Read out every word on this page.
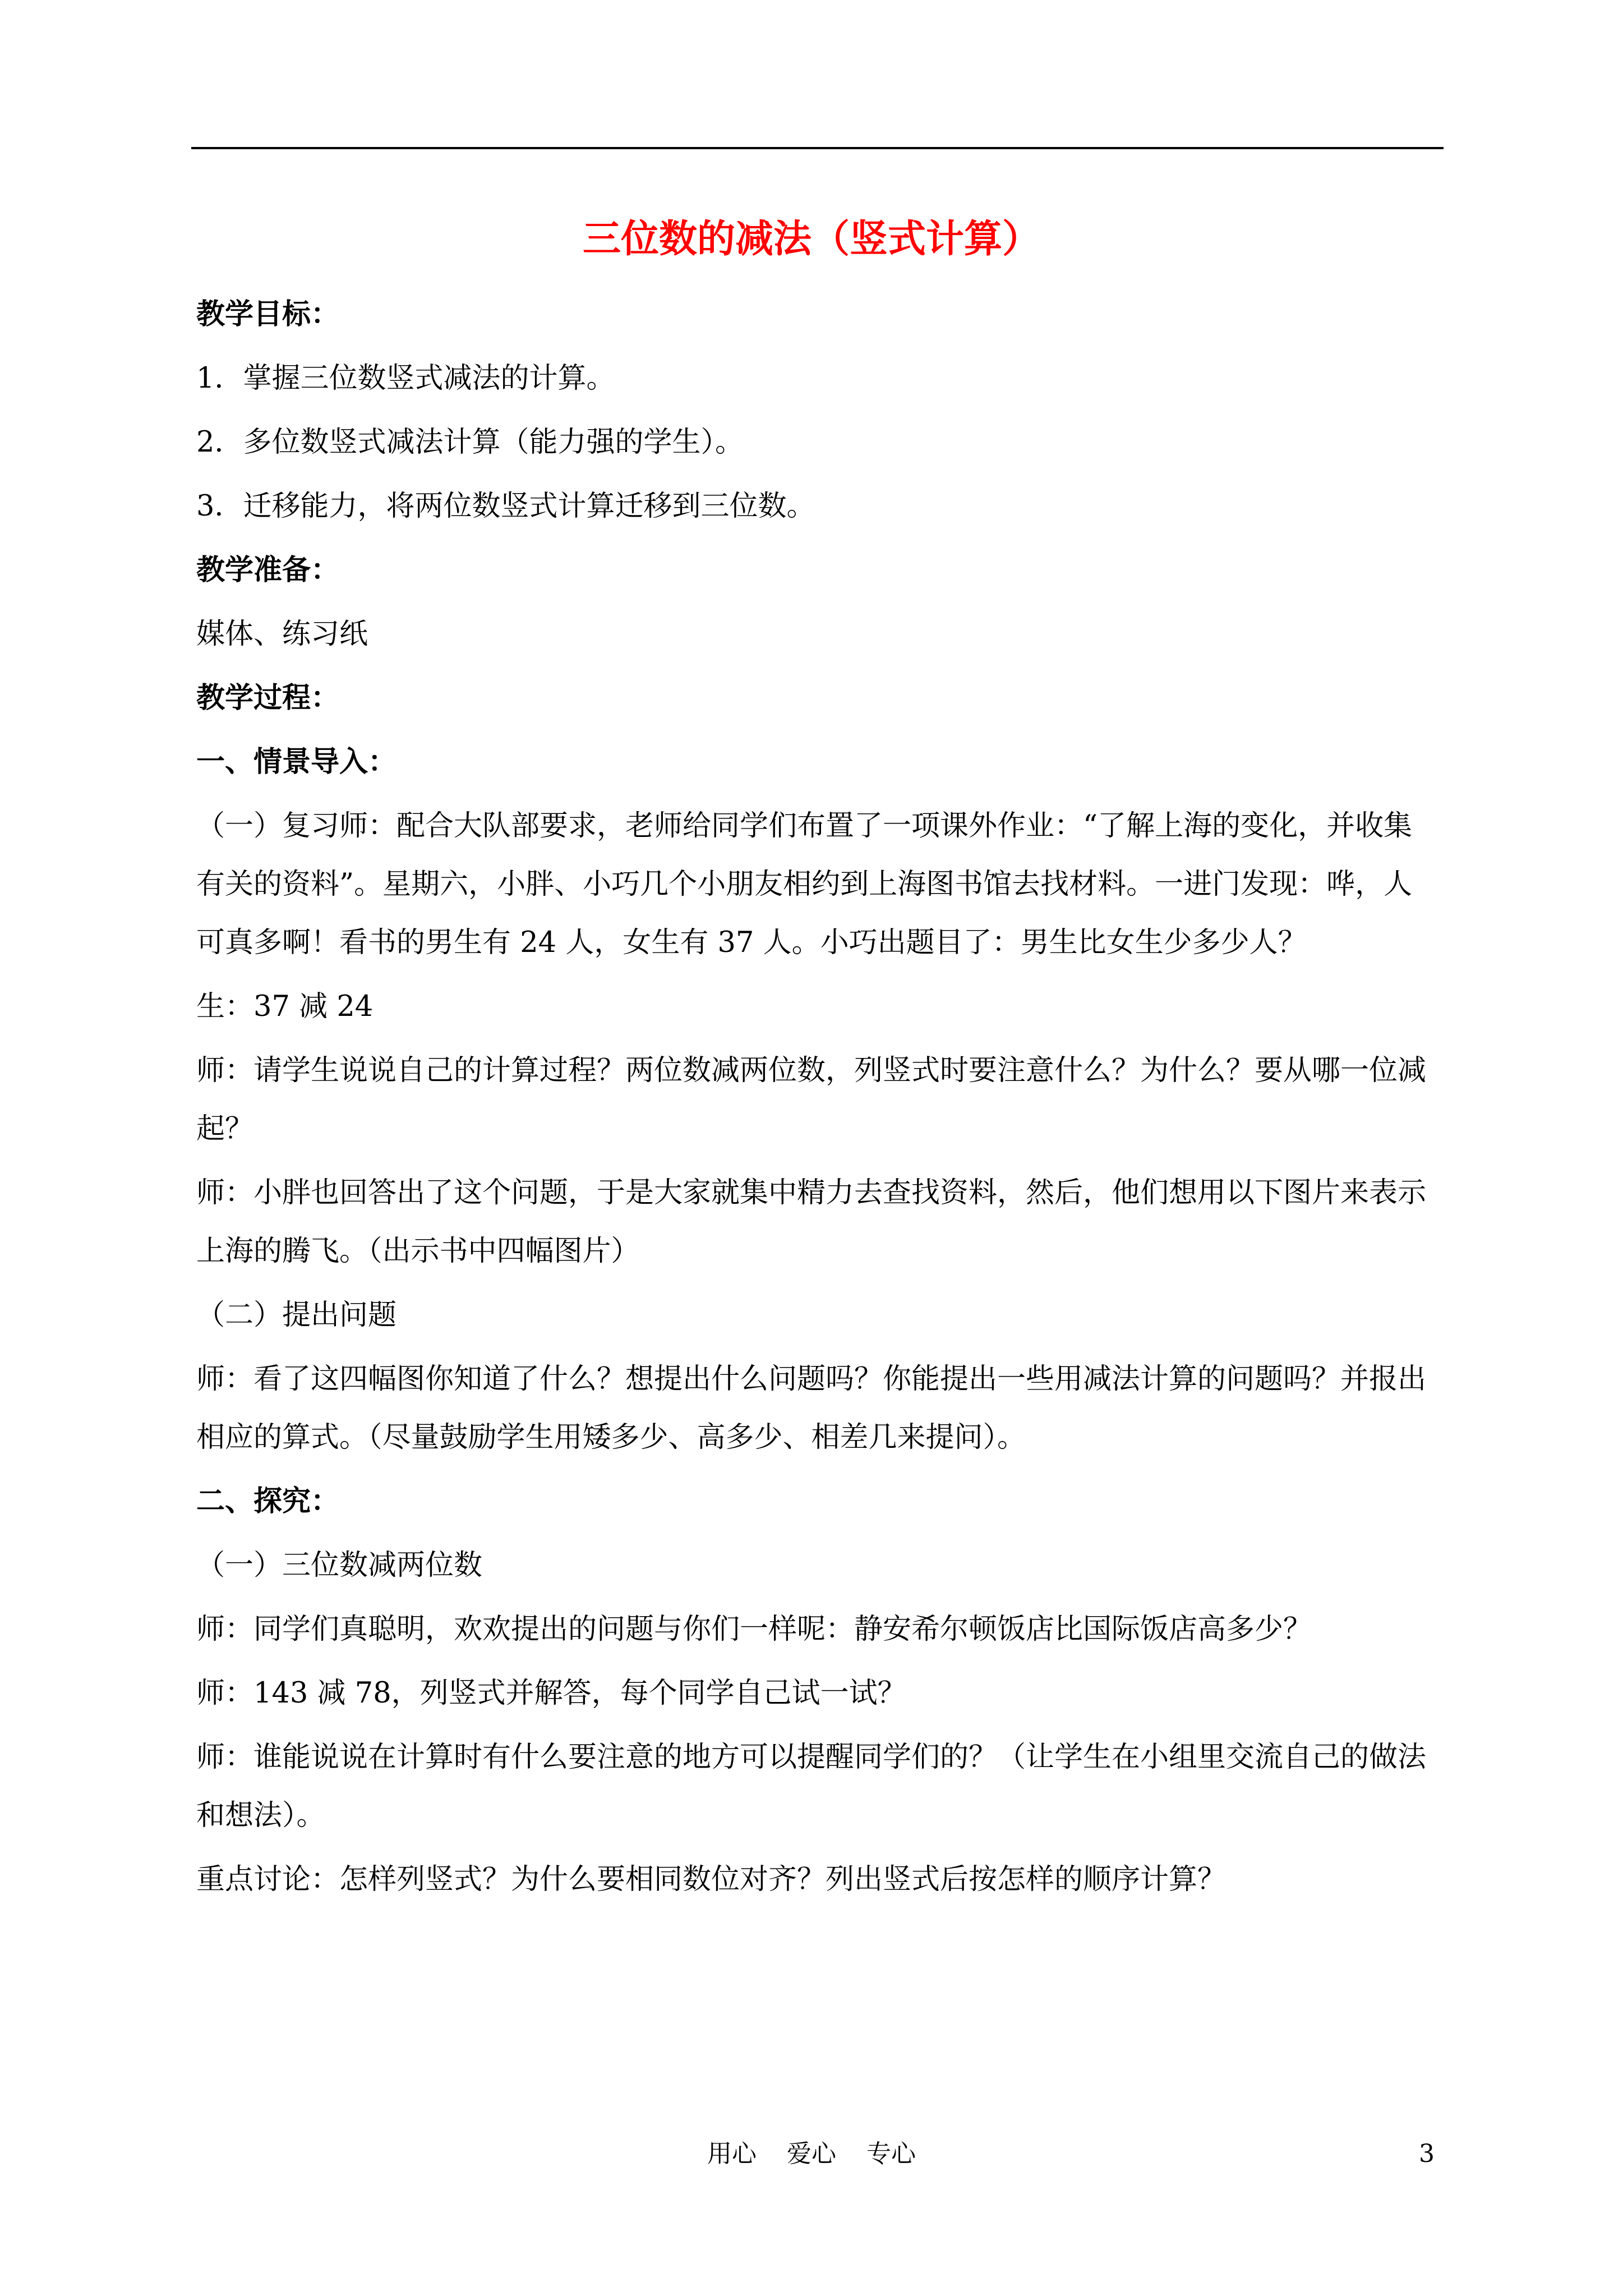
三位数的减法（竖式计算）

教学目标：

1．掌握三位数竖式减法的计算。

2．多位数竖式减法计算（能力强的学生）。

3．迁移能力，将两位数竖式计算迁移到三位数。

教学准备：

媒体、练习纸

教学过程：

一、情景导入：

（一）复习师：配合大队部要求，老师给同学们布置了一项课外作业：“了解上海的变化，并收集

有关的资料”。星期六，小胖、小巧几个小朋友相约到上海图书馆去找材料。一进门发现：哗，人

可真多啊！看书的男生有 24 人，女生有 37 人。小巧出题目了：男生比女生少多少人？

生：37 减 24

师：请学生说说自己的计算过程？两位数减两位数，列竖式时要注意什么？为什么？要从哪一位减

起？

师：小胖也回答出了这个问题，于是大家就集中精力去查找资料，然后，他们想用以下图片来表示

上海的腾飞。（出示书中四幅图片）

（二）提出问题

师：看了这四幅图你知道了什么？想提出什么问题吗？你能提出一些用减法计算的问题吗？并报出

相应的算式。（尽量鼓励学生用矮多少、高多少、相差几来提问）。

二、探究：

（一）三位数减两位数

师：同学们真聪明，欢欢提出的问题与你们一样呢：静安希尔顿饭店比国际饭店高多少？

师：143 减 78，列竖式并解答，每个同学自己试一试？

师：谁能说说在计算时有什么要注意的地方可以提醒同学们的？（让学生在小组里交流自己的做法

和想法）。

重点讨论：怎样列竖式？为什么要相同数位对齐？列出竖式后按怎样的顺序计算？

用心 爱心 专心	3
